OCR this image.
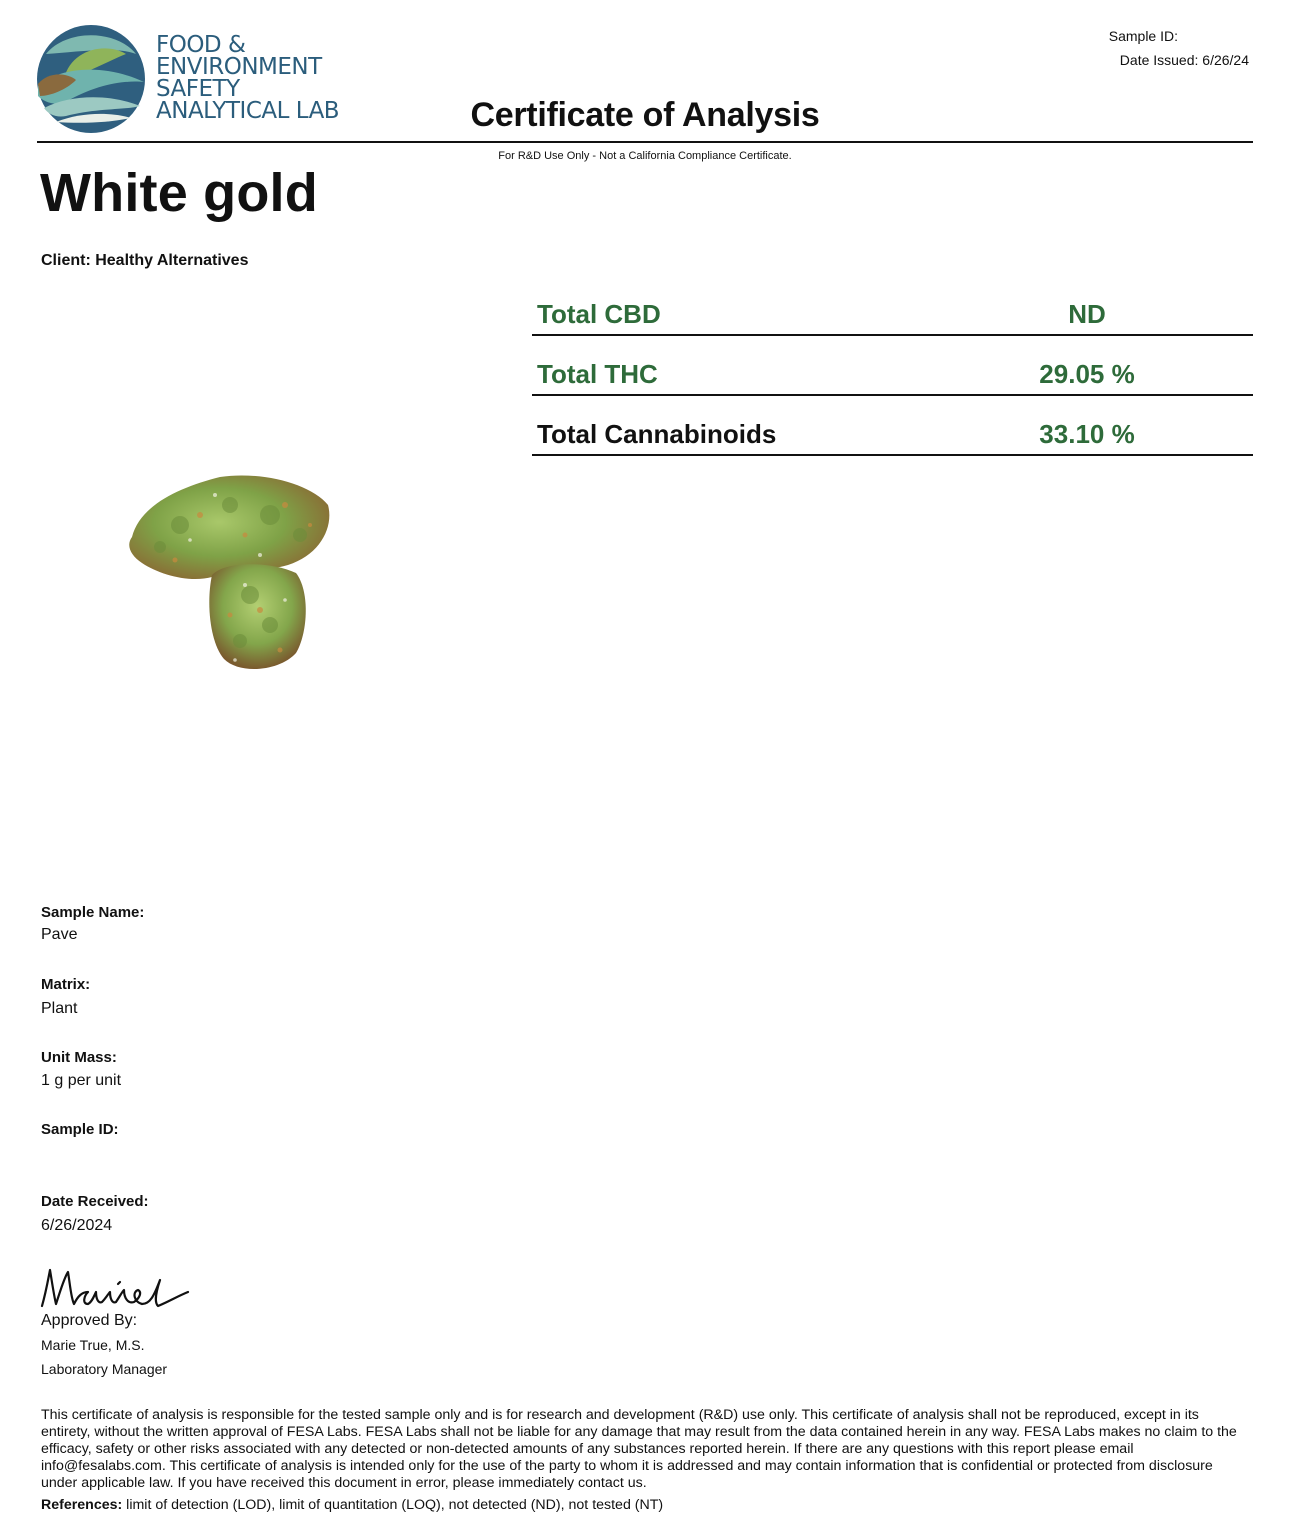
FOOD &
ENVIRONMENT
SAFETY
ANALYTICAL LAB
Sample ID:
Date Issued: 6/26/24
Certificate of Analysis
For R&D Use Only - Not a California Compliance Certificate.
White gold
Client: Healthy Alternatives
Total CBD	ND
Total THC	29.05 %
Total Cannabinoids	33.10 %
Sample Name:
Pave
Matrix:
Plant
Unit Mass:
1 g per unit
Sample ID:
Date Received:
6/26/2024
Approved By:
Marie True, M.S.
Laboratory Manager
This certificate of analysis is responsible for the tested sample only and is for research and development (R&D) use only. This certificate of analysis shall not be reproduced, except in its entirety, without the written approval of FESA Labs. FESA Labs shall not be liable for any damage that may result from the data contained herein in any way. FESA Labs makes no claim to the efficacy, safety or other risks associated with any detected or non-detected amounts of any substances reported herein. If there are any questions with this report please email info@fesalabs.com. This certificate of analysis is intended only for the use of the party to whom it is addressed and may contain information that is confidential or protected from disclosure under applicable law. If you have received this document in error, please immediately contact us.
References: limit of detection (LOD), limit of quantitation (LOQ), not detected (ND), not tested (NT)
